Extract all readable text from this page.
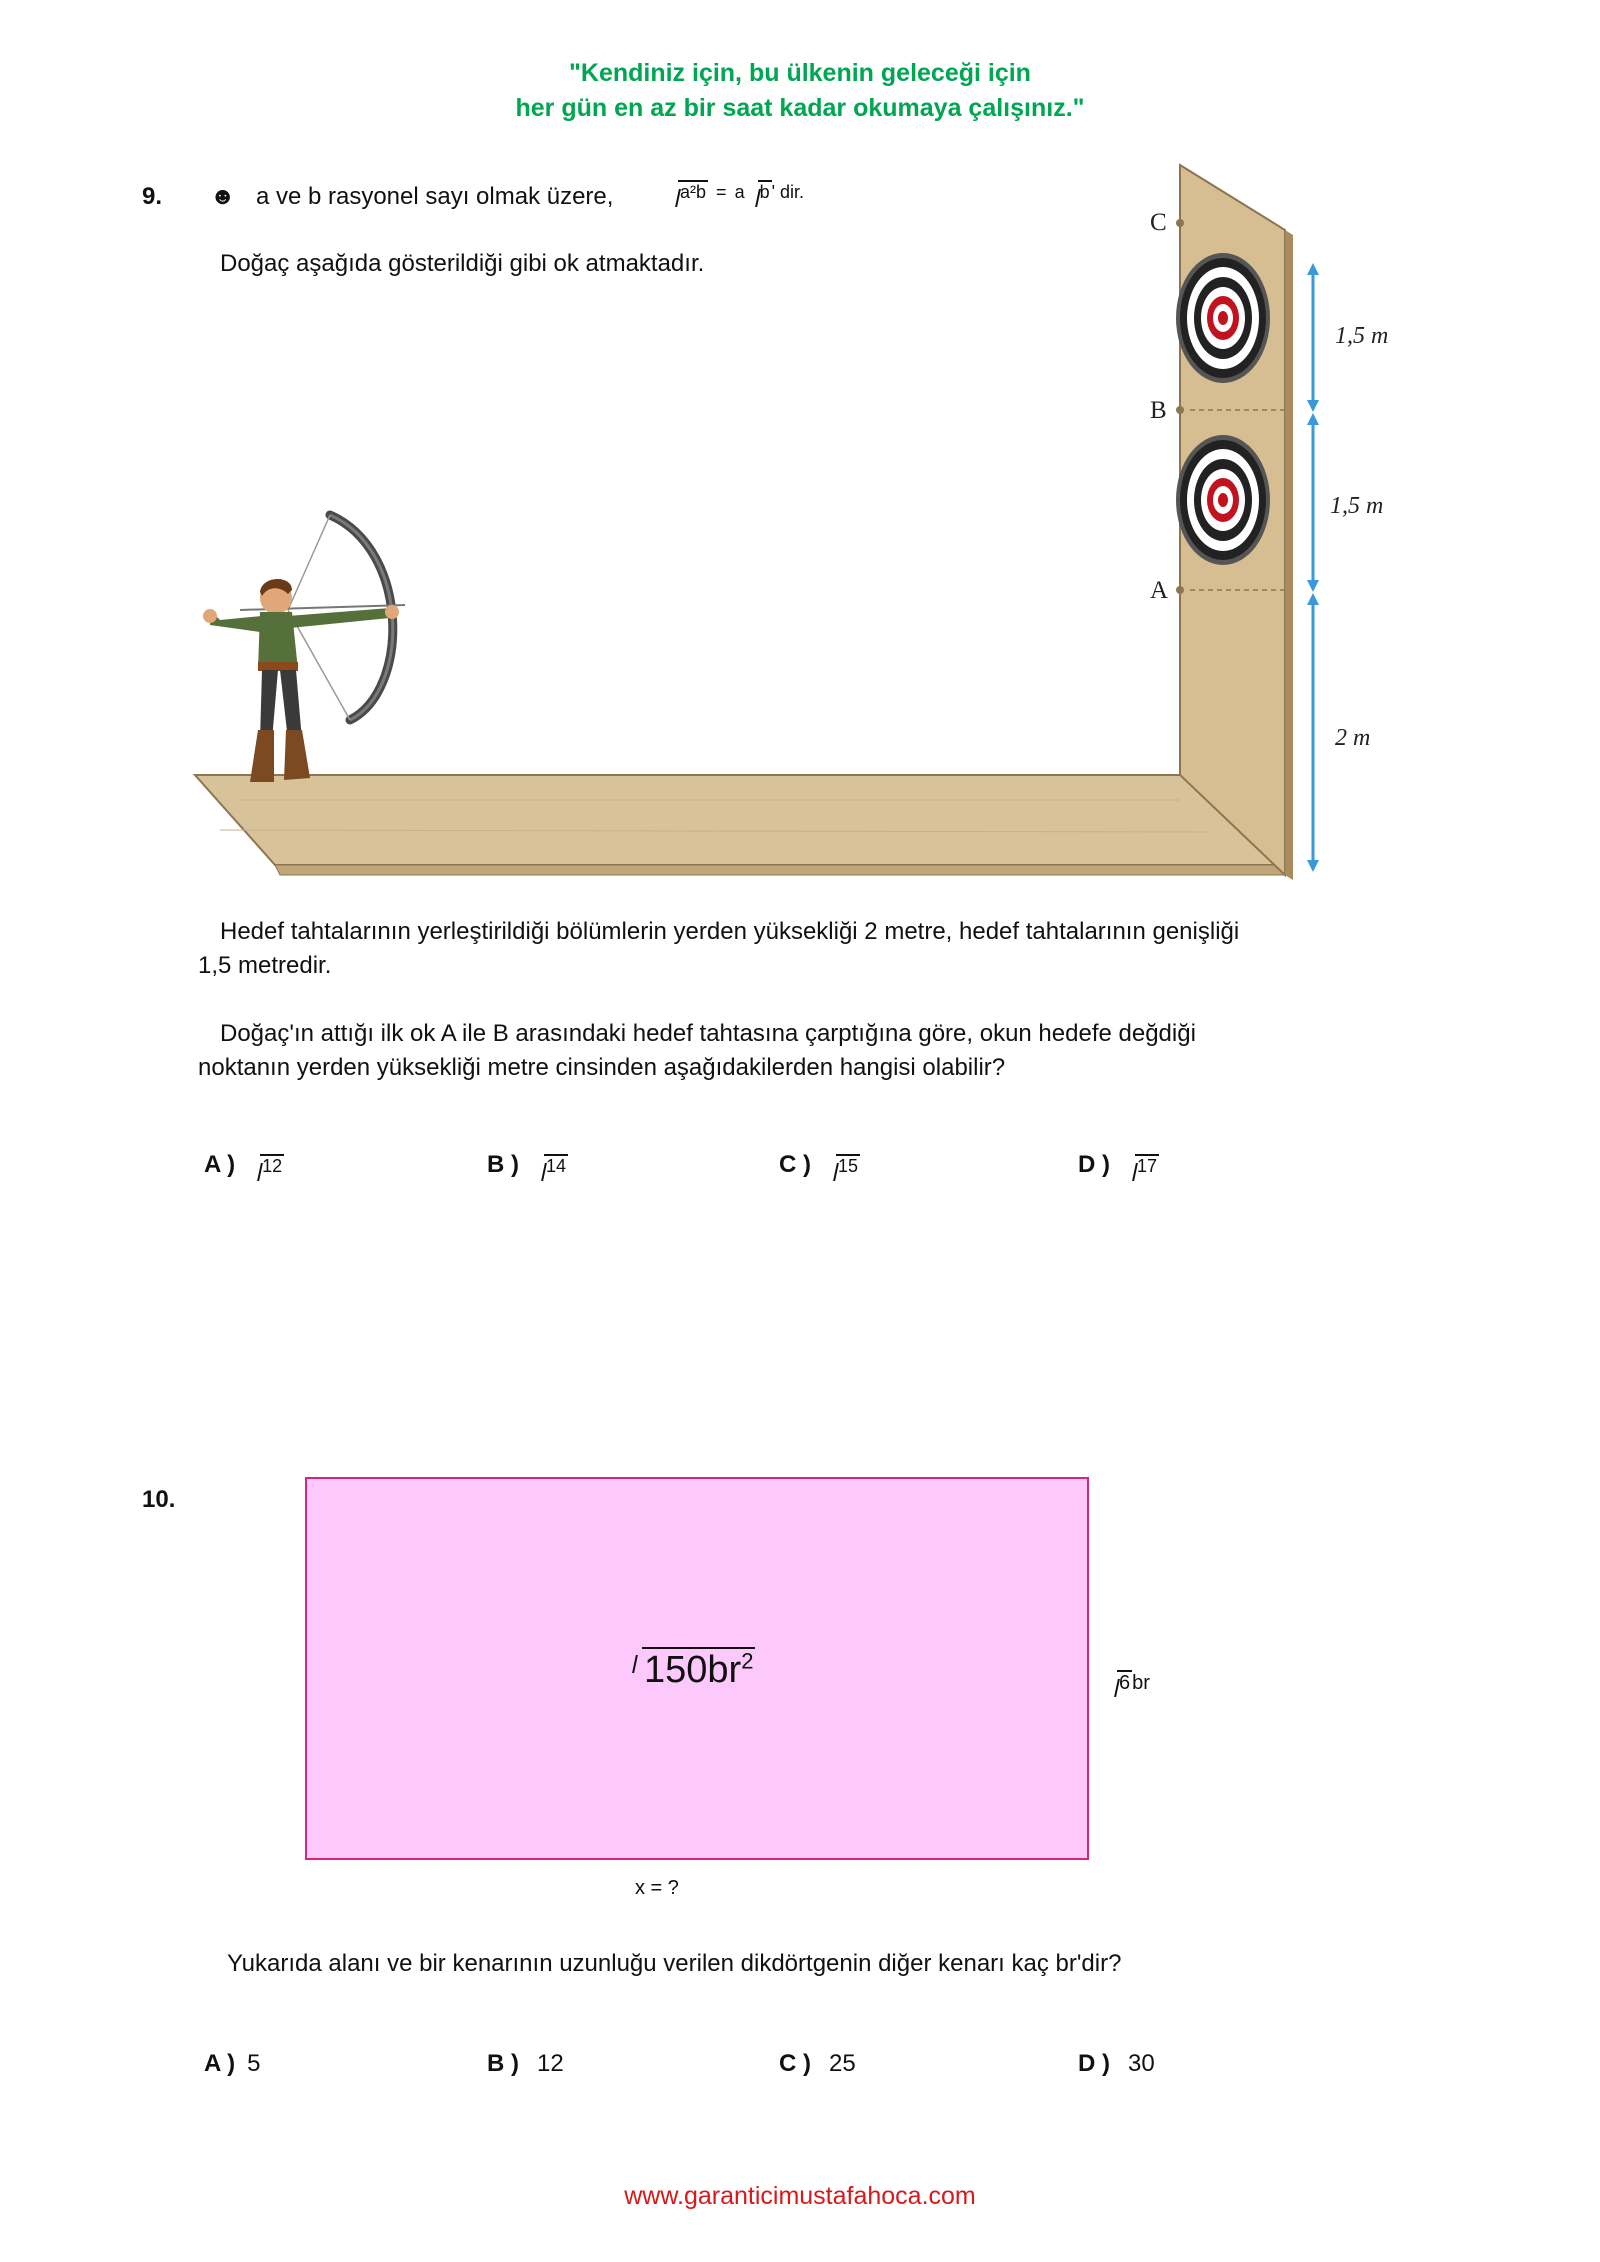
"Kendiniz için, bu ülkenin geleceği için
her gün en az bir saat kadar okumaya çalışınız."
9. ☻ a ve b rasyonel sayı olmak üzere,	a²b = a b ' dir.
Doğaç aşağıda gösterildiği gibi ok atmaktadır.
C
B
A
1,5 m
1,5 m
2 m
Hedef tahtalarının yerleştirildiği bölümlerin yerden yüksekliği 2 metre, hedef tahtalarının genişliği
1,5 metredir.
Doğaç'ın attığı ilk ok A ile B arasındaki hedef tahtasına çarptığına göre, okun hedefe değdiği
noktanın yerden yüksekliği metre cinsinden aşağıdakilerden hangisi olabilir?
A ) 12	B ) 14	C ) 15	D ) 17
10.
$150br^2$
6 br
x = ?
Yukarıda alanı ve bir kenarının uzunluğu verilen dikdörtgenin diğer kenarı kaç br'dir?
A ) 5	B ) 12	C ) 25	D ) 30
www.garanticimustafahoca.com
